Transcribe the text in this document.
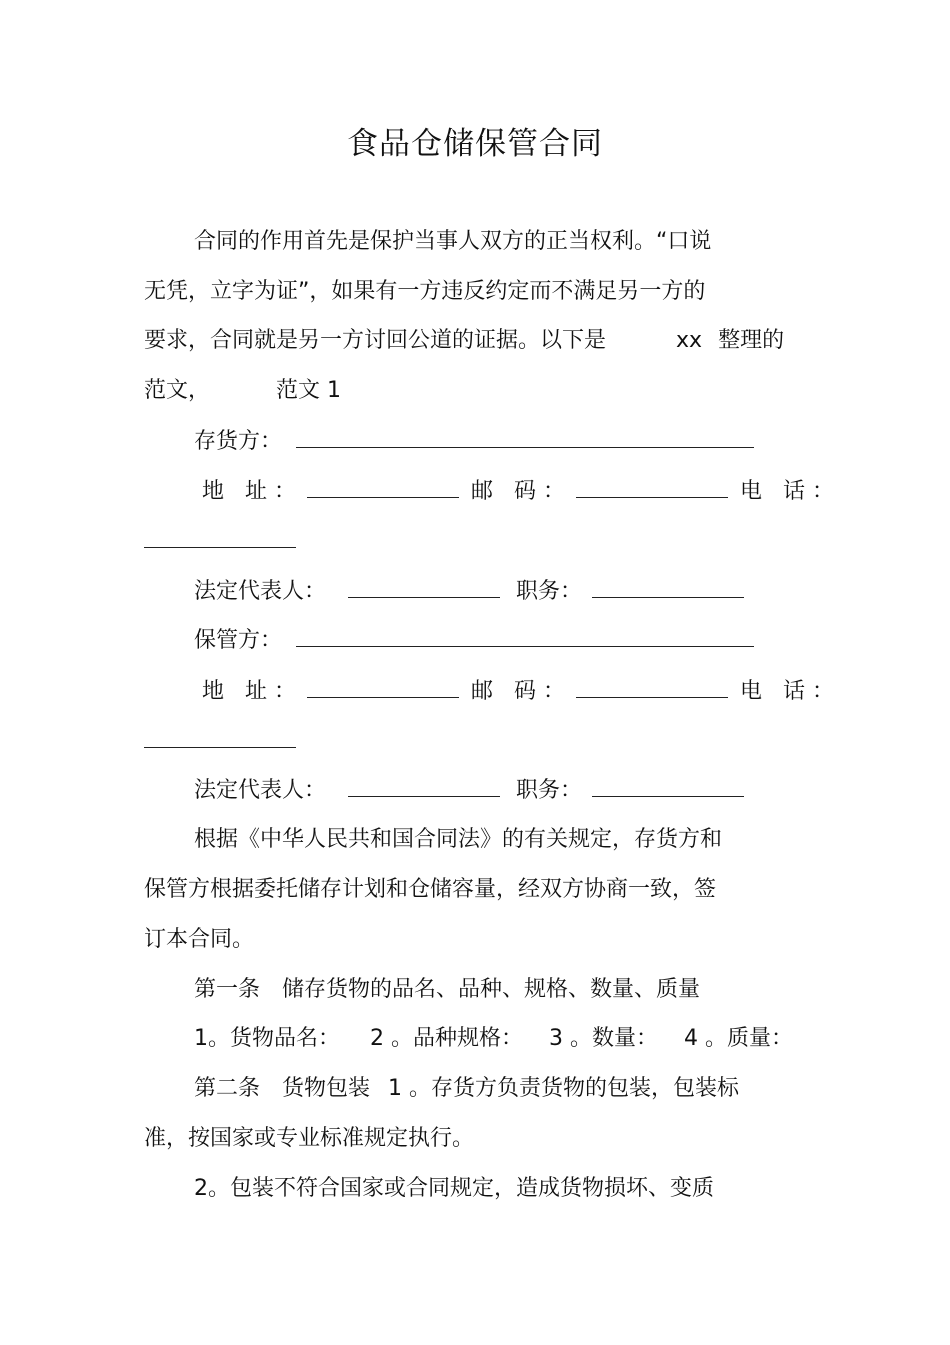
食品仓储保管合同
合同的作用首先是保护当事人双方的正当权利。“口说
无凭，立字为证”，如果有一方违反约定而不满足另一方的
要求，合同就是另一方讨回公道的证据。以下是	xx 整理的
范文，	范文 1
存货方：
地 址：	邮 码：	电 话：
法定代表人：	职务：
保管方：
地 址：	邮 码：	电 话：
法定代表人：	职务：
根据《中华人民共和国合同法》的有关规定，存货方和
保管方根据委托储存计划和仓储容量，经双方协商一致，签
订本合同。
第一条　储存货物的品名、品种、规格、数量、质量
1。货物品名： 2 。品种规格： 3 。数量： 4 。质量：
第二条　货物包装 1 。存货方负责货物的包装，包装标
准，按国家或专业标准规定执行。
2。包装不符合国家或合同规定，造成货物损坏、变质
